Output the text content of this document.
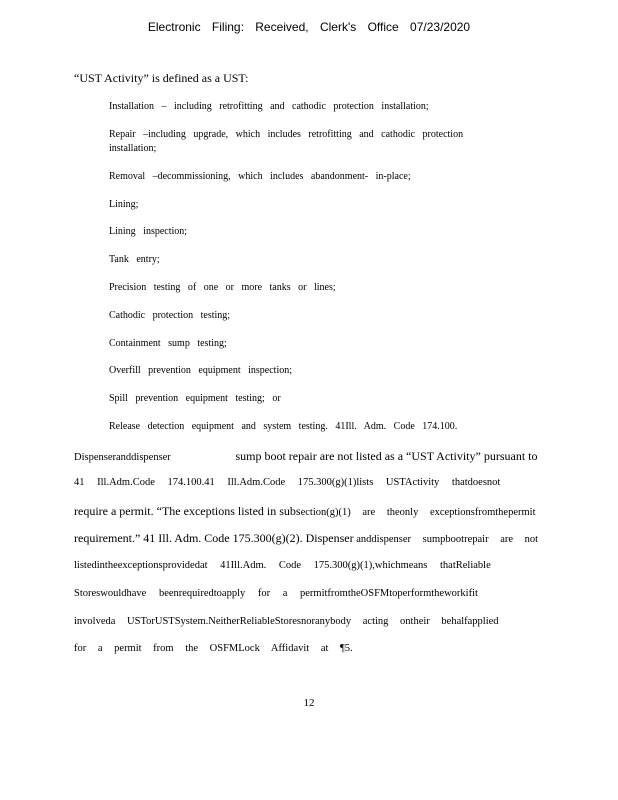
Electronic Filing: Received, Clerk's Office 07/23/2020
“UST Activity” is defined as a UST:
Installation – including retrofitting and cathodic protection installation;
Repair –including upgrade, which includes retrofitting and cathodic protection
installation;
Removal –decommissioning, which includes abandonment- in-place;
Lining;
Lining inspection;
Tank entry;
Precision testing of one or more tanks or lines;
Cathodic protection testing;
Containment sump testing;
Overfill prevention equipment inspection;
Spill prevention equipment testing; or
Release detection equipment and system testing. 41Ill. Adm. Code 174.100.
Dispenseranddispenser	sump boot repair are not listed as a “UST Activity” pursuant to
41 Ill.Adm.Code 174.100.41 Ill.Adm.Code 175.300(g)(1)lists USTActivity thatdoesnot
require a permit. “The exceptions listed in subsection(g)(1) are theonly exceptionsfromthepermit
requirement.” 41 Ill. Adm. Code 175.300(g)(2). Dispenser anddispenser sumpbootrepair are not
listedintheexceptionsprovidedat 41Ill.Adm. Code 175.300(g)(1),whichmeans thatReliable
Storeswouldhave beenrequiredtoapply for a permitfromtheOSFMtoperformtheworkifit
involveda USTorUSTSystem.NeitherReliableStoresnoranybody acting ontheir behalfapplied
for a permit from the OSFMLock Affidavit at ¶5.
12
